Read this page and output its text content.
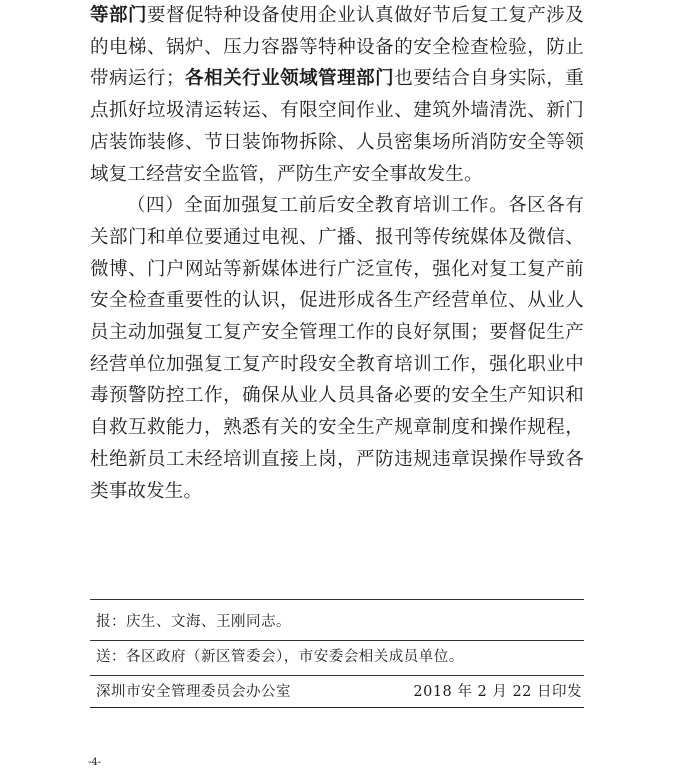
等部门要督促特种设备使用企业认真做好节后复工复产涉及的电梯、锅炉、压力容器等特种设备的安全检查检验，防止带病运行；各相关行业领域管理部门也要结合自身实际，重点抓好垃圾清运转运、有限空间作业、建筑外墙清洗、新门店装饰装修、节日装饰物拆除、人员密集场所消防安全等领域复工经营安全监管，严防生产安全事故发生。

（四）全面加强复工前后安全教育培训工作。各区各有关部门和单位要通过电视、广播、报刊等传统媒体及微信、微博、门户网站等新媒体进行广泛宣传，强化对复工复产前安全检查重要性的认识，促进形成各生产经营单位、从业人员主动加强复工复产安全管理工作的良好氛围；要督促生产经营单位加强复工复产时段安全教育培训工作，强化职业中毒预警防控工作，确保从业人员具备必要的安全生产知识和自救互救能力，熟悉有关的安全生产规章制度和操作规程，杜绝新员工未经培训直接上岗，严防违规违章误操作导致各类事故发生。

报：庆生、文海、王刚同志。
送：各区政府（新区管委会），市安委会相关成员单位。
深圳市安全管理委员会办公室	2018 年 2 月 22 日印发
-4-
